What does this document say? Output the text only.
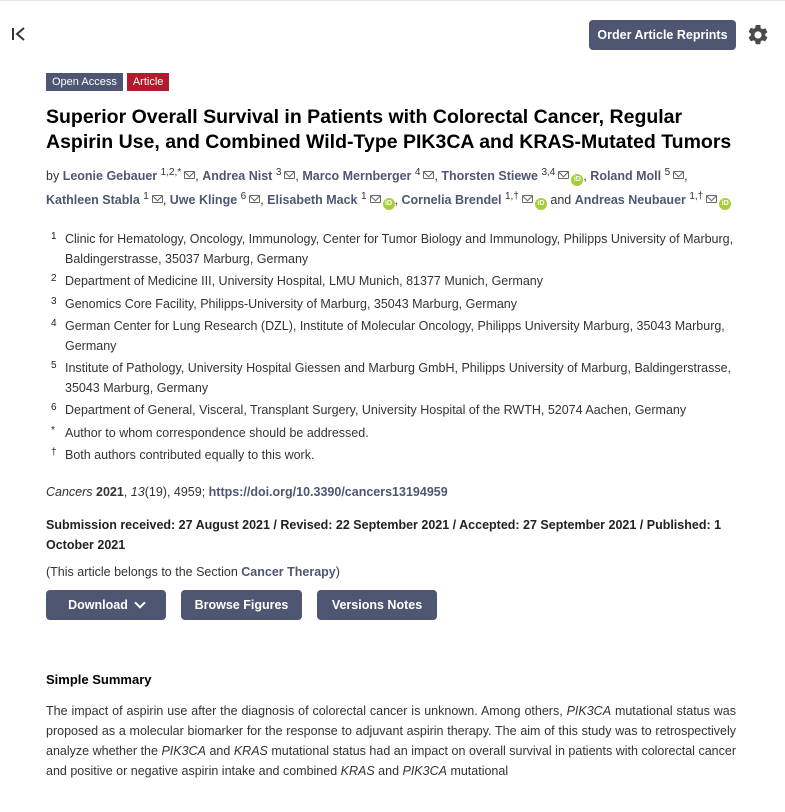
Order Article Reprints
Open Access	Article
Superior Overall Survival in Patients with Colorectal Cancer, Regular Aspirin Use, and Combined Wild-Type PIK3CA and KRAS-Mutated Tumors
by Leonie Gebauer $^{1,2,*}$ , Andrea Nist $^3$ , Marco Mernberger $^4$ , Thorsten Stiewe $^{3,4}$iD , Roland Moll $^5$ , Kathleen Stabla $^1$ , Uwe Klinge $^6$ , Elisabeth Mack $^1$iD , Cornelia Brendel $^{1,\dagger}$iD and Andreas Neubauer $^{1,\dagger}$iD
1 Clinic for Hematology, Oncology, Immunology, Center for Tumor Biology and Immunology, Philipps University of Marburg, Baldingerstrasse, 35037 Marburg, Germany
2 Department of Medicine III, University Hospital, LMU Munich, 81377 Munich, Germany
3 Genomics Core Facility, Philipps-University of Marburg, 35043 Marburg, Germany
4 German Center for Lung Research (DZL), Institute of Molecular Oncology, Philipps University Marburg, 35043 Marburg, Germany
5 Institute of Pathology, University Hospital Giessen and Marburg GmbH, Philipps University of Marburg, Baldingerstrasse, 35043 Marburg, Germany
6 Department of General, Visceral, Transplant Surgery, University Hospital of the RWTH, 52074 Aachen, Germany
* Author to whom correspondence should be addressed.
† Both authors contributed equally to this work.
Cancers 2021, 13(19), 4959; https://doi.org/10.3390/cancers13194959
Submission received: 27 August 2021 / Revised: 22 September 2021 / Accepted: 27 September 2021 / Published: 1 October 2021
(This article belongs to the Section Cancer Therapy)
Download	Browse Figures	Versions Notes
Simple Summary
The impact of aspirin use after the diagnosis of colorectal cancer is unknown. Among others, PIK3CA mutational status was proposed as a molecular biomarker for the response to adjuvant aspirin therapy. The aim of this study was to retrospectively analyze whether the PIK3CA and KRAS mutational status had an impact on overall survival in patients with colorectal cancer and positive or negative aspirin intake and combined KRAS and PIK3CA mutational
